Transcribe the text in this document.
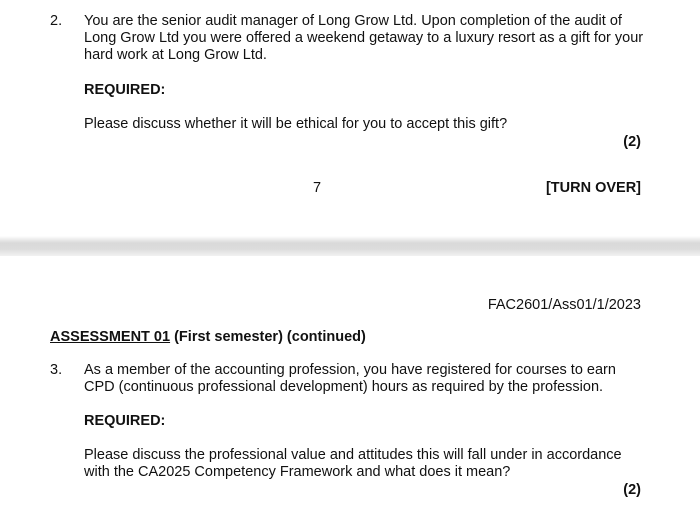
2. You are the senior audit manager of Long Grow Ltd. Upon completion of the audit of Long Grow Ltd you were offered a weekend getaway to a luxury resort as a gift for your hard work at Long Grow Ltd.
REQUIRED:
Please discuss whether it will be ethical for you to accept this gift?
(2)
7	[TURN OVER]
FAC2601/Ass01/1/2023
ASSESSMENT 01 (First semester) (continued)
3. As a member of the accounting profession, you have registered for courses to earn CPD (continuous professional development) hours as required by the profession.
REQUIRED:
Please discuss the professional value and attitudes this will fall under in accordance with the CA2025 Competency Framework and what does it mean?
(2)
